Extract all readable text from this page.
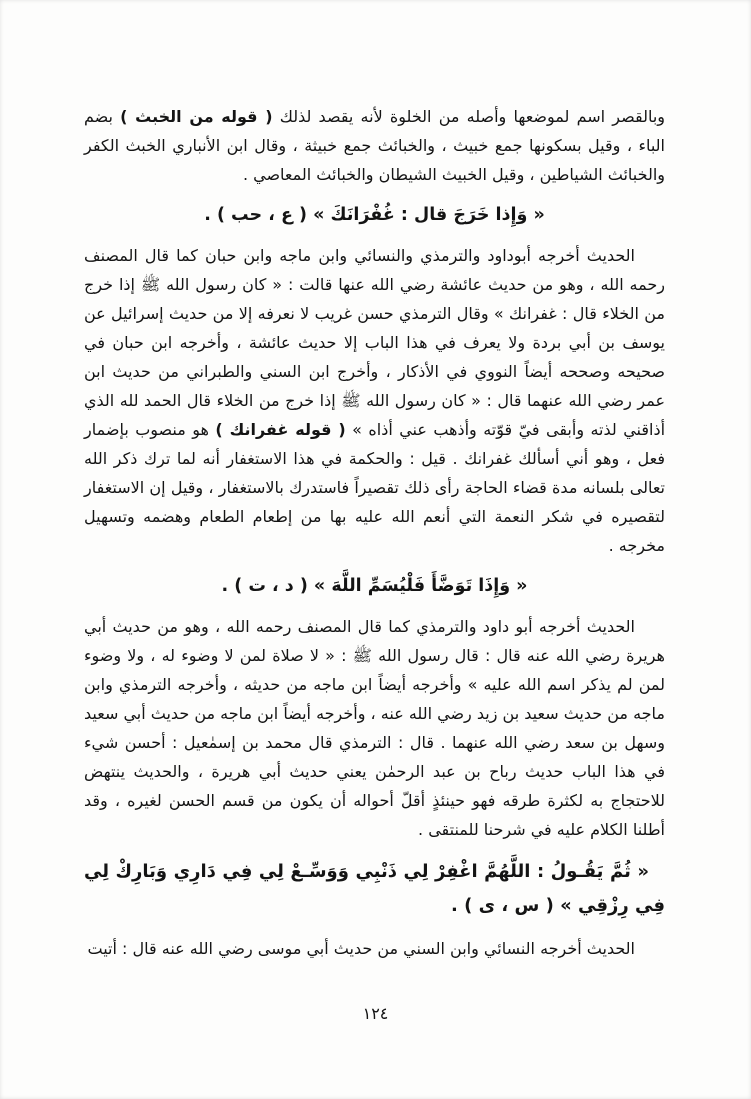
وبالقصر اسم لموضعها وأصله من الخلوة لأنه يقصد لذلك ( قوله من الخبث ) بضم الباء ، وقيل بسكونها جمع خبيث ، والخبائث جمع خبيثة ، وقال ابن الأنباري الخبث الكفر والخبائث الشياطين ، وقيل الخبيث الشيطان والخبائث المعاصي .

« وَإِذا خَرَجَ قال : غُفْرَانَكَ » ( ع ، حب ) .

الحديث أخرجه أبوداود والترمذي والنسائي وابن ماجه وابن حبان كما قال المصنف رحمه الله ، وهو من حديث عائشة رضي الله عنها قالت : « كان رسول الله ﷺ إذا خرج من الخلاء قال : غفرانك » وقال الترمذي حسن غريب لا نعرفه إلا من حديث إسرائيل عن يوسف بن أبي بردة ولا يعرف في هذا الباب إلا حديث عائشة ، وأخرجه ابن حبان في صحيحه وصححه أيضاً النووي في الأذكار ، وأخرج ابن السني والطبراني من حديث ابن عمر رضي الله عنهما قال : « كان رسول الله ﷺ إذا خرج من الخلاء قال الحمد لله الذي أذاقني لذته وأبقى فيّ قوّته وأذهب عني أذاه » ( قوله غفرانك ) هو منصوب بإضمار فعل ، وهو أني أسألك غفرانك . قيل : والحكمة في هذا الاستغفار أنه لما ترك ذكر الله تعالى بلسانه مدة قضاء الحاجة رأى ذلك تقصيراً فاستدرك بالاستغفار ، وقيل إن الاستغفار لتقصيره في شكر النعمة التي أنعم الله عليه بها من إطعام الطعام وهضمه وتسهيل مخرجه .

« وَإِذَا تَوَضَّأَ فَلْيُسَمِّ اللَّهَ » ( د ، ت ) .

الحديث أخرجه أبو داود والترمذي كما قال المصنف رحمه الله ، وهو من حديث أبي هريرة رضي الله عنه قال : قال رسول الله ﷺ : « لا صلاة لمن لا وضوء له ، ولا وضوء لمن لم يذكر اسم الله عليه » وأخرجه أيضاً ابن ماجه من حديثه ، وأخرجه الترمذي وابن ماجه من حديث سعيد بن زيد رضي الله عنه ، وأخرجه أيضاً ابن ماجه من حديث أبي سعيد وسهل بن سعد رضي الله عنهما . قال : الترمذي قال محمد بن إسمٰعيل : أحسن شيء في هذا الباب حديث رباح بن عبد الرحمٰن يعني حديث أبي هريرة ، والحديث ينتهض للاحتجاج به لكثرة طرقه فهو حينئذٍ أقلّ أحواله أن يكون من قسم الحسن لغيره ، وقد أطلنا الكلام عليه في شرحنا للمنتقى .

« ثُمَّ يَقُـولُ : اللَّهُمَّ اغْفِرْ لِي ذَنْبِي وَوَسِّـعْ لِي فِي دَارِي وَبَارِكْ لِي فِي رِزْقِي » ( س ، ى ) .

الحديث أخرجه النسائي وابن السني من حديث أبي موسى رضي الله عنه قال : أتيت

١٢٤
